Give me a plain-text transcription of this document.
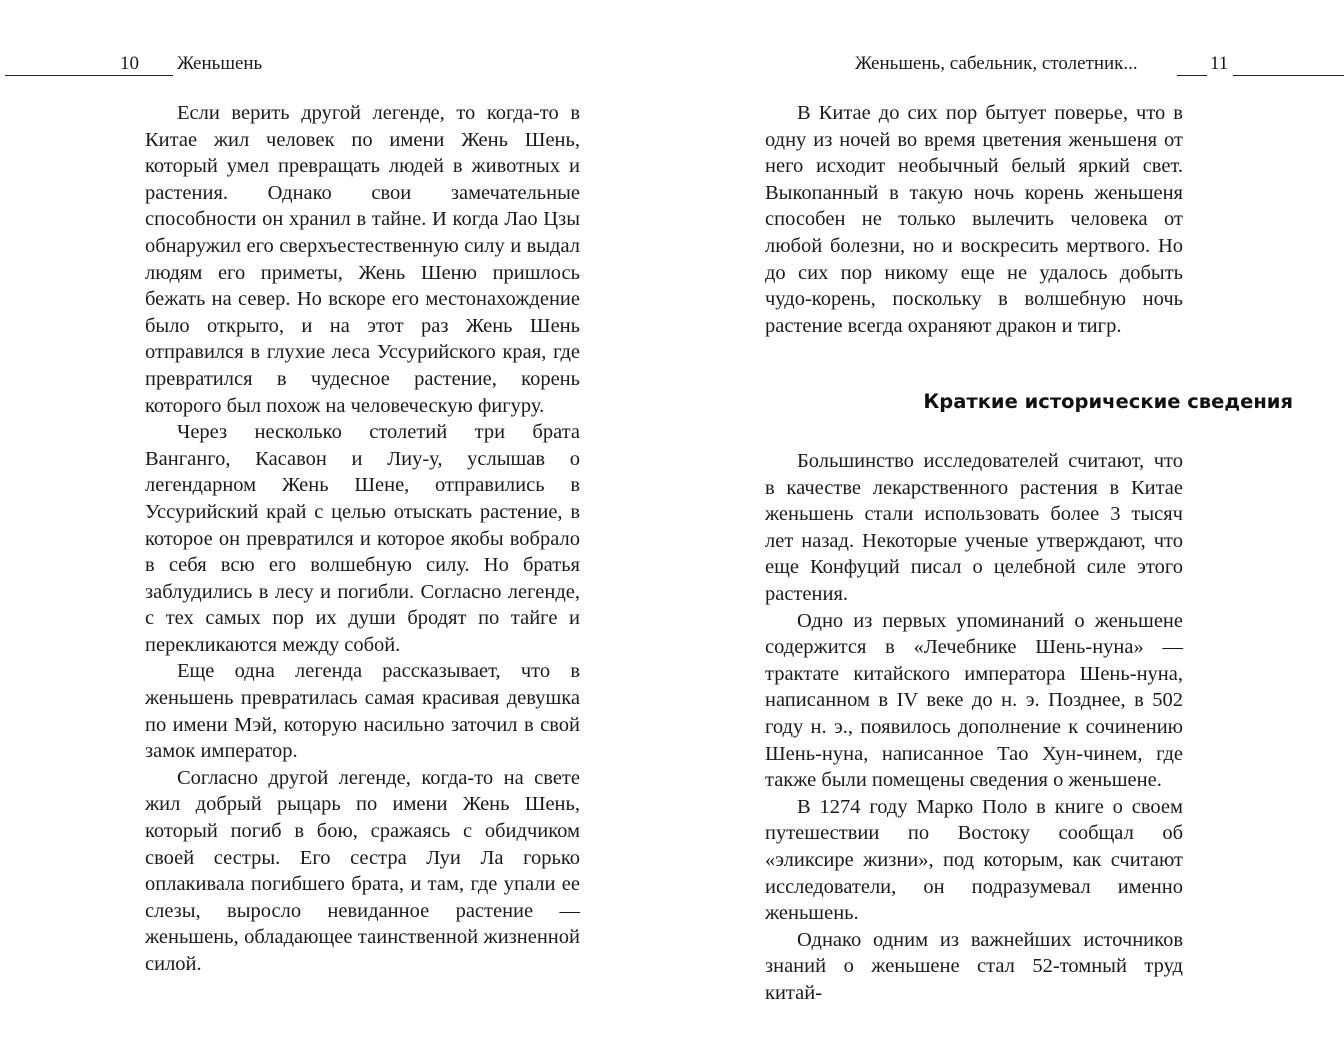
10 Женьшень

Если верить другой легенде, то когда-то в Китае жил человек по имени Жень Шень, который умел превращать людей в животных и растения. Однако свои замечательные способности он хранил в тайне. И когда Лао Цзы обнаружил его сверхъестественную силу и выдал людям его приметы, Жень Шеню пришлось бежать на север. Но вскоре его местонахождение было открыто, и на этот раз Жень Шень отправился в глухие леса Уссурийского края, где превратился в чудесное растение, корень которого был похож на человеческую фигуру.

Через несколько столетий три брата Ванганго, Касавон и Лиу-у, услышав о легендарном Жень Шене, отправились в Уссурийский край с целью отыскать растение, в которое он превратился и которое якобы вобрало в себя всю его волшебную силу. Но братья заблудились в лесу и погибли. Согласно легенде, с тех самых пор их души бродят по тайге и перекликаются между собой.

Еще одна легенда рассказывает, что в женьшень превратилась самая красивая девушка по имени Мэй, которую насильно заточил в свой замок император.

Согласно другой легенде, когда-то на свете жил добрый рыцарь по имени Жень Шень, который погиб в бою, сражаясь с обидчиком своей сестры. Его сестра Луи Ла горько оплакивала погибшего брата, и там, где упали ее слезы, выросло невиданное растение — женьшень, обладающее таинственной жизненной силой.

Женьшень, сабельник, столетник...	11

В Китае до сих пор бытует поверье, что в одну из ночей во время цветения женьшеня от него исходит необычный белый яркий свет. Выкопанный в такую ночь корень женьшеня способен не только вылечить человека от любой болезни, но и воскресить мертвого. Но до сих пор никому еще не удалось добыть чудо-корень, поскольку в волшебную ночь растение всегда охраняют дракон и тигр.

Краткие исторические сведения

Большинство исследователей считают, что в качестве лекарственного растения в Китае женьшень стали использовать более 3 тысяч лет назад. Некоторые ученые утверждают, что еще Конфуций писал о целебной силе этого растения.

Одно из первых упоминаний о женьшене содержится в «Лечебнике Шень-нуна» — трактате китайского императора Шень-нуна, написанном в IV веке до н. э. Позднее, в 502 году н. э., появилось дополнение к сочинению Шень-нуна, написанное Тао Хун-чинем, где также были помещены сведения о женьшене.

В 1274 году Марко Поло в книге о своем путешествии по Востоку сообщал об «эликсире жизни», под которым, как считают исследователи, он подразумевал именно женьшень.

Однако одним из важнейших источников знаний о женьшене стал 52-томный труд китай-
